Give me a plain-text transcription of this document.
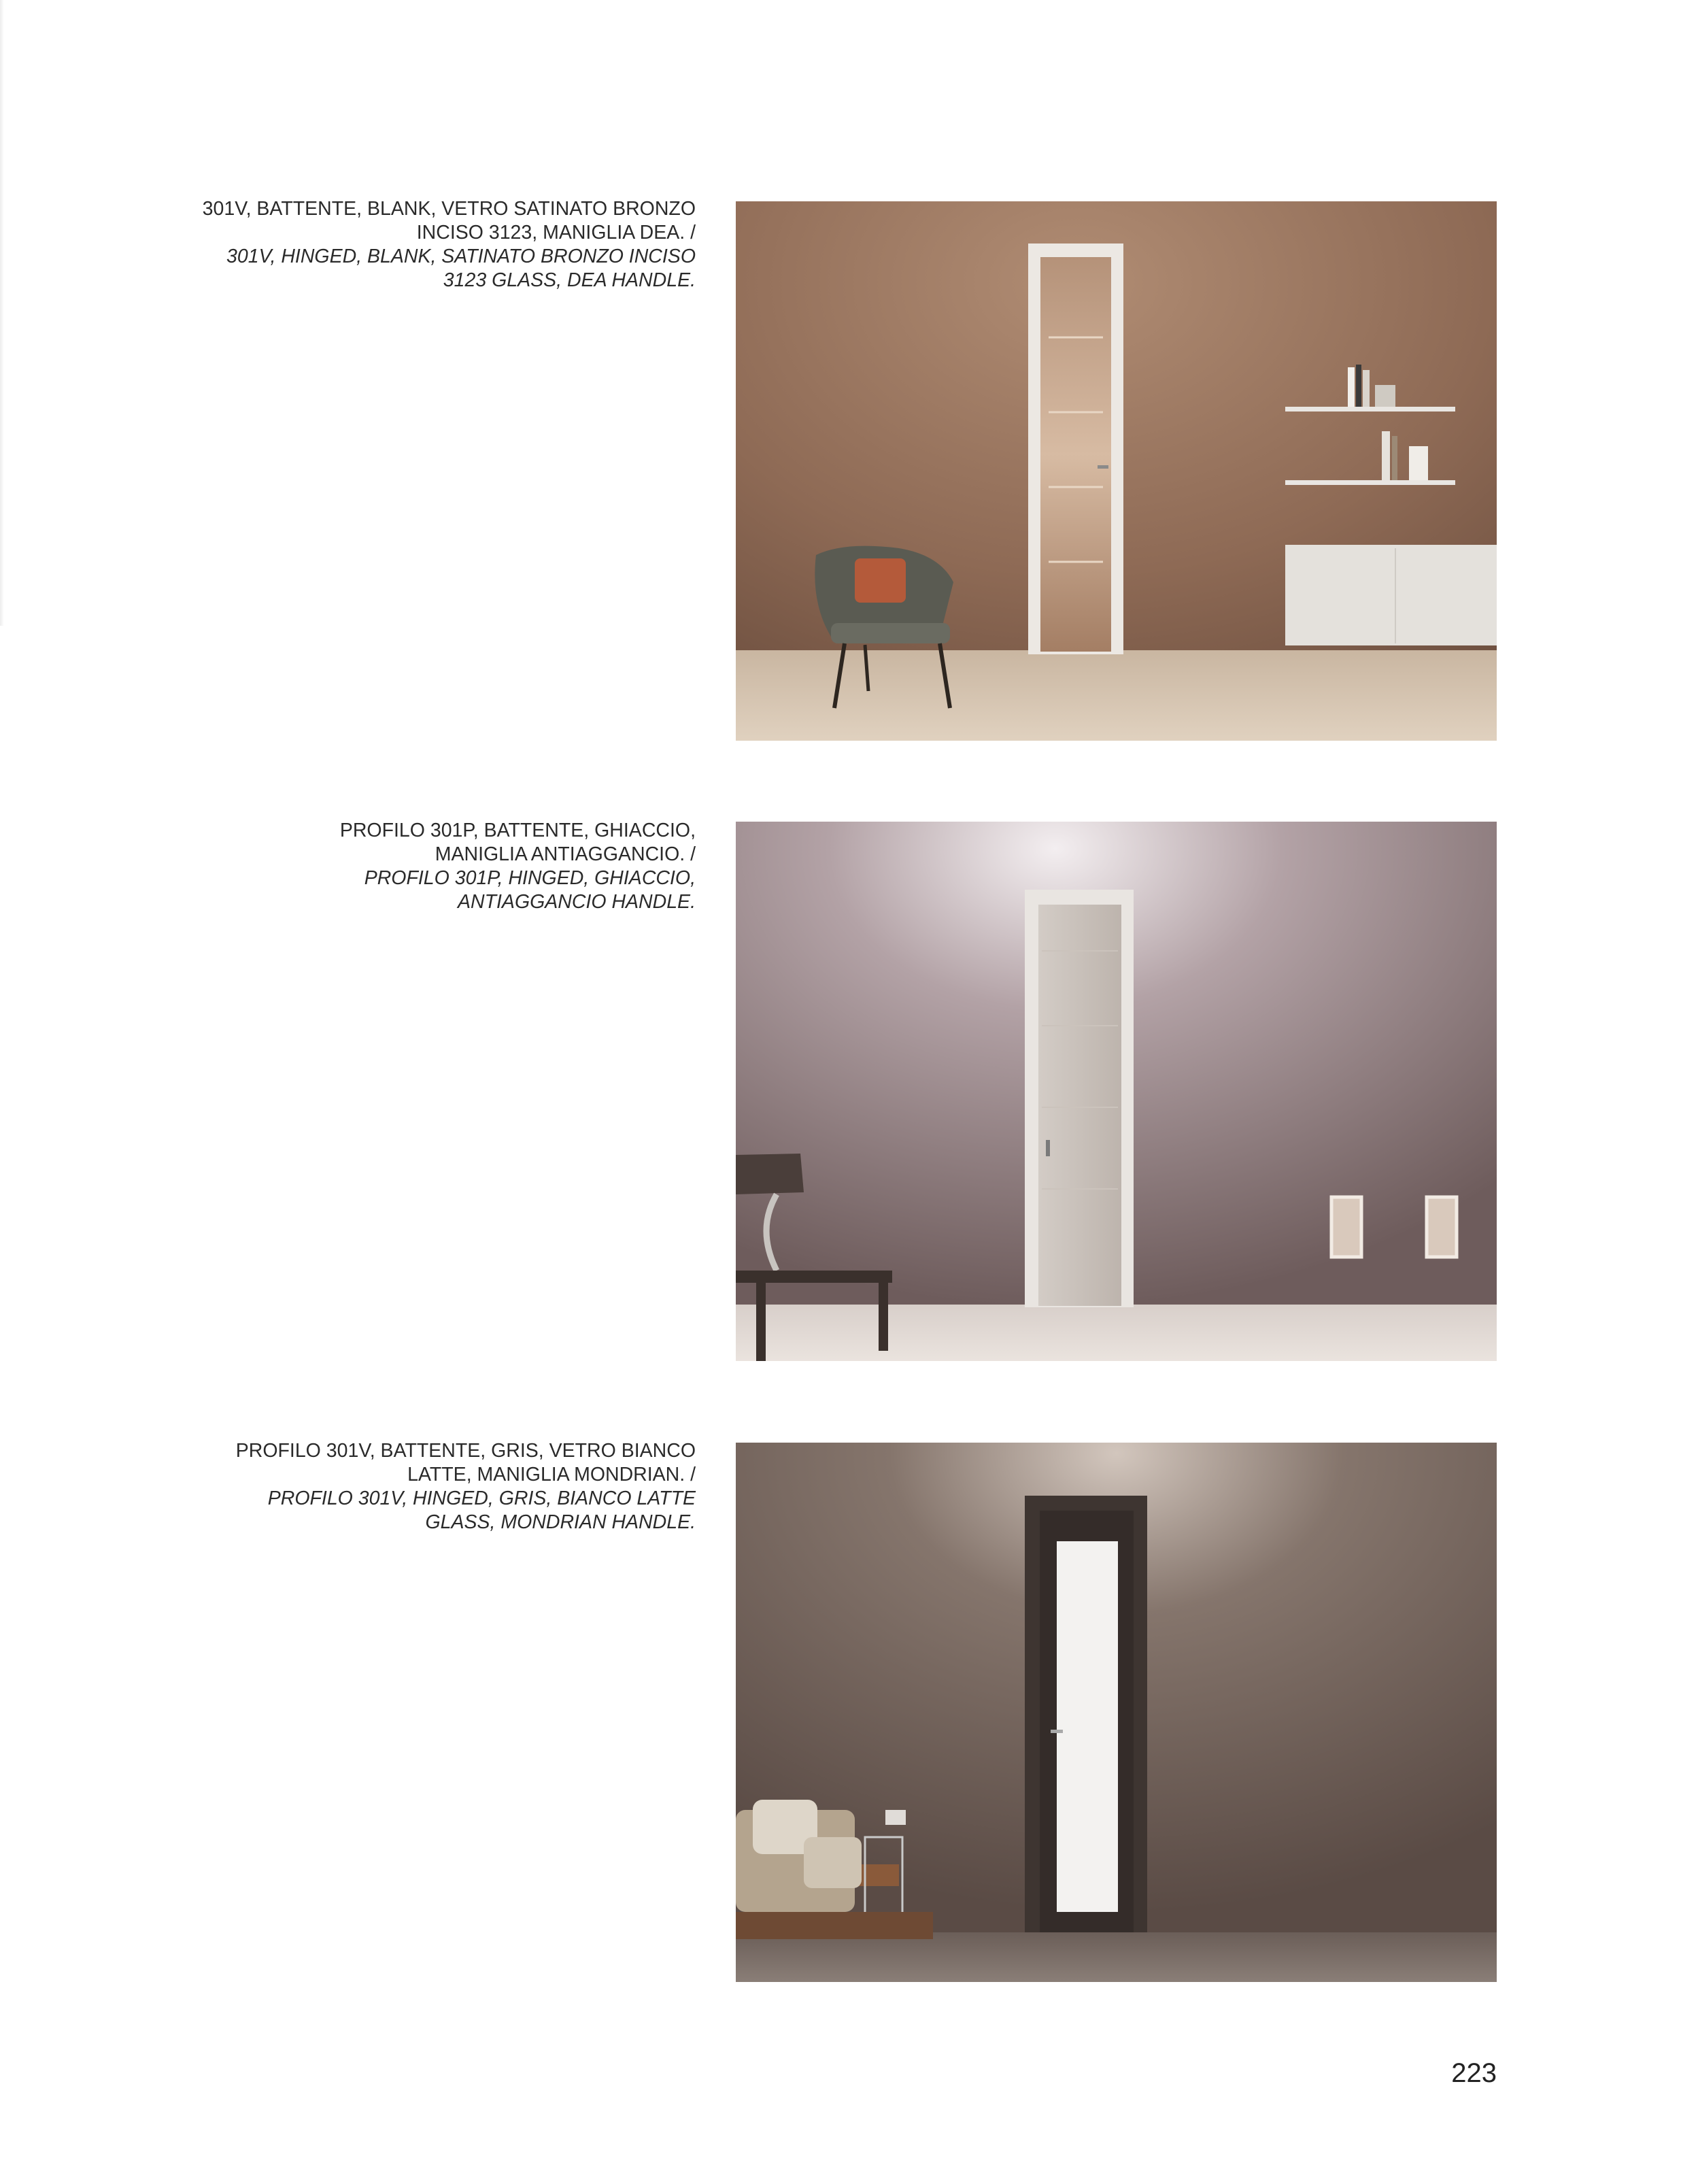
301V, BATTENTE, BLANK, VETRO SATINATO BRONZO

INCISO 3123, MANIGLIA DEA. /

301V, HINGED, BLANK, SATINATO BRONZO INCISO

3123 GLASS, DEA HANDLE.

PROFILO 301P, BATTENTE, GHIACCIO,

MANIGLIA ANTIAGGANCIO. /

PROFILO 301P, HINGED, GHIACCIO,

ANTIAGGANCIO HANDLE.

PROFILO 301V, BATTENTE, GRIS, VETRO BIANCO

LATTE, MANIGLIA MONDRIAN. /

PROFILO 301V, HINGED, GRIS, BIANCO LATTE

GLASS, MONDRIAN HANDLE.

223
